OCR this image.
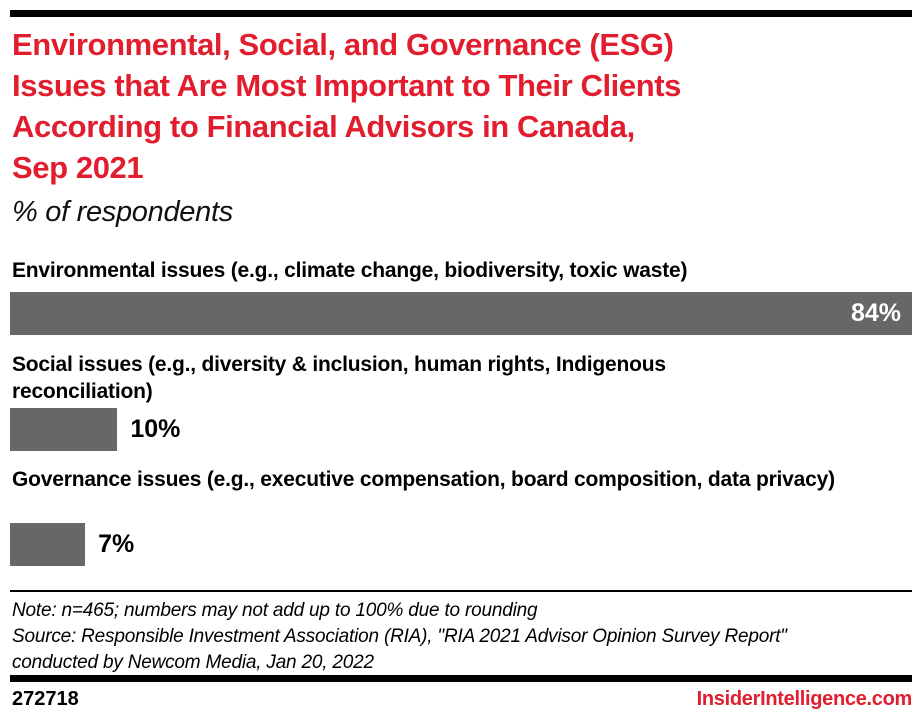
Environmental, Social, and Governance (ESG)
Issues that Are Most Important to Their Clients
According to Financial Advisors in Canada,
Sep 2021
% of respondents
Environmental issues (e.g., climate change, biodiversity, toxic waste)
84%
Social issues (e.g., diversity & inclusion, human rights, Indigenous reconciliation)
10%
Governance issues (e.g., executive compensation, board composition, data privacy)
7%

Note: n=465; numbers may not add up to 100% due to rounding

Source: Responsible Investment Association (RIA), "RIA 2021 Advisor Opinion Survey Report" conducted by Newcom Media, Jan 20, 2022

272718	InsiderIntelligence.com
